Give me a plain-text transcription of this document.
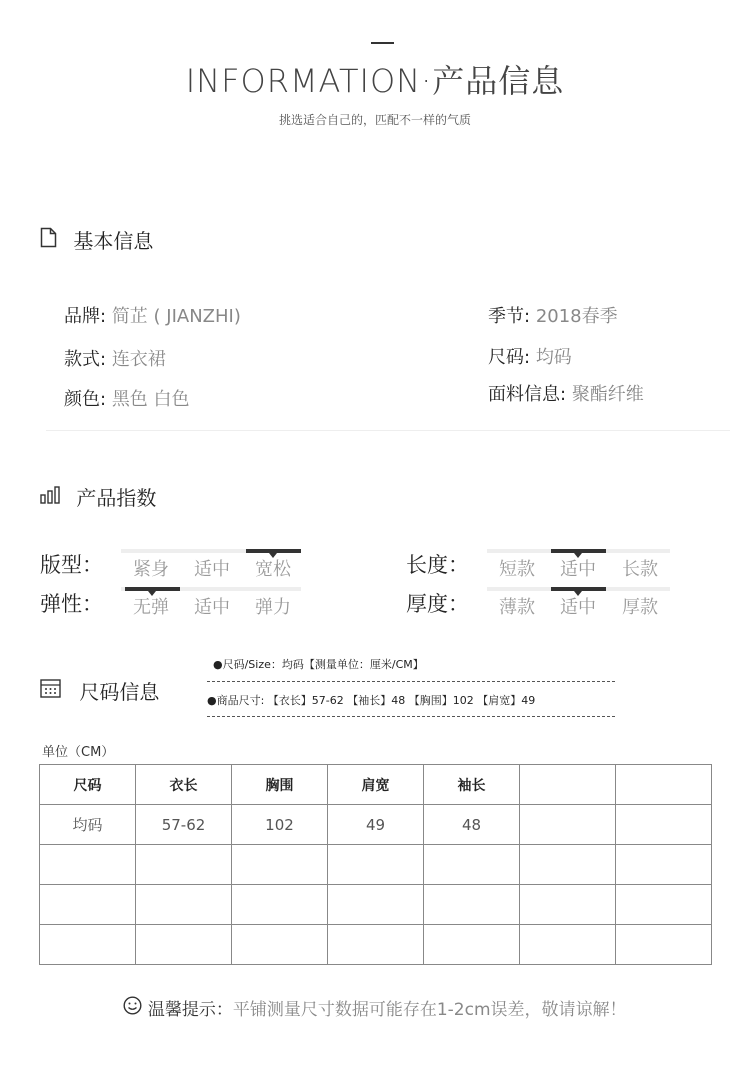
INFORMATION·产品信息
挑选适合自己的，匹配不一样的气质
基本信息
品牌: 简芷 ( JIANZHI)	季节: 2018春季
款式: 连衣裙	尺码: 均码
颜色: 黑色 白色	面料信息: 聚酯纤维
产品指数
版型：	紧身	适中	宽松	长度：	短款	适中	长款
弹性：	无弹	适中	弹力	厚度：	薄款	适中	厚款
尺码信息
●尺码/Size：均码【测量单位：厘米/CM】
●商品尺寸: 【衣长】57-62 【袖长】48 【胸围】102 【肩宽】49
单位（CM）
尺码	衣长	胸围	肩宽	袖长		
均码	57-62	102	49	48		

温馨提示：平铺测量尺寸数据可能存在1-2cm误差，敬请谅解！
